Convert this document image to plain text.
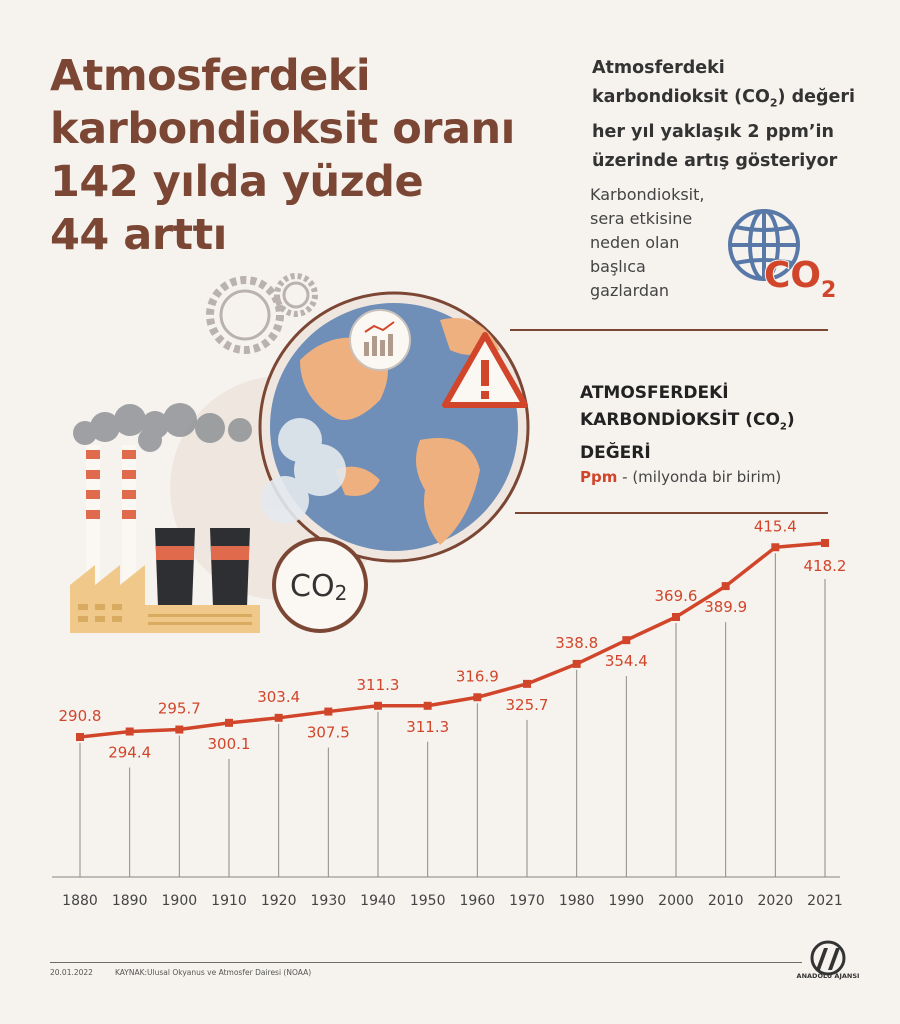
Atmosferdeki
karbondioksit oranı
142 yılda yüzde
44 arttı
Atmosferdeki
karbondioksit $(CO_2)$ değeri
her yıl yaklaşık 2 ppm’in
üzerinde artış gösteriyor
Karbondioksit,
sera etkisine
neden olan
başlıca
gazlardan	$CO_2$
CO2
ATMOSFERDEKİ
KARBONDİOKSİT $(CO_2)$
DEĞERİ
Ppm - (milyonda bir birim)
290.8
1880
294.4
1890
295.7
1900
300.1
1910
303.4
1920
307.5
1930
311.3
1940
311.3
1950
316.9
1960
325.7
1970
338.8
1980
354.4
1990
369.6
2000
389.9
2010
415.4
2020
418.2
2021
20.01.2022	KAYNAK:Ulusal Okyanus ve Atmosfer Dairesi (NOAA)	ANADOLU AJANSI
